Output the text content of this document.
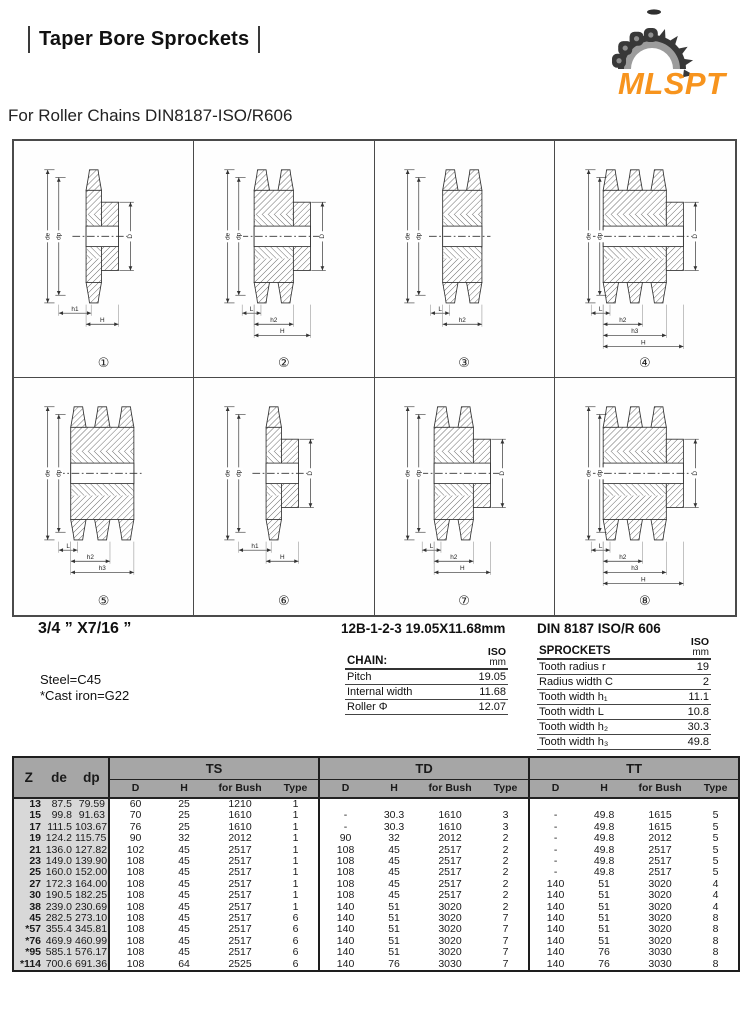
Taper Bore Sprockets
MLSPT
For Roller Chains DIN8187-ISO/R606
de dp	D
h1
H
①
de dp	D
L
h2
H
②
de dp
L
h2
③
de dp	D
L
h2
h3
H
④
de dp
L
h2
h3
⑤
de dp	D
h1
H
⑥
de dp	D
L
h2
H
⑦
de dp	D
L
h2
h3
H
⑧
3/4 ” X7/16 ”
Steel=C45
*Cast iron=G22
12B-1-2-3 19.05X11.68mm DIN 8187 ISO/R 606
CHAIN:
ISO
mm
Pitch	19.05
Internal width	11.68
Roller Φ	12.07
SPROCKETS
ISO
mm
Tooth radius r	19
Radius width C	2
Tooth width h₁	11.1
Tooth width L	10.8
Tooth width h₂	30.3
Tooth width h₃	49.8
Z de dp			TS				TD				TT			
			D	H	for Bush	Type	D	H	for Bush	Type	D	H	for Bush	Type
13	87.5	79.59	60	25	1210	1								
15	99.8	91.63	70	25	1610	1	-	30.3	1610	3	-	49.8	1615	5
17	111.5	103.67	76	25	1610	1	-	30.3	1610	3	-	49.8	1615	5
19	124.2	115.75	90	32	2012	1	90	32	2012	2	-	49.8	2012	5
21	136.0	127.82	102	45	2517	1	108	45	2517	2	-	49.8	2517	5
23	149.0	139.90	108	45	2517	1	108	45	2517	2	-	49.8	2517	5
25	160.0	152.00	108	45	2517	1	108	45	2517	2	-	49.8	2517	5
27	172.3	164.00	108	45	2517	1	108	45	2517	2	140	51	3020	4
30	190.5	182.25	108	45	2517	1	108	45	2517	2	140	51	3020	4
38	239.0	230.69	108	45	2517	1	140	51	3020	2	140	51	3020	4
45	282.5	273.10	108	45	2517	6	140	51	3020	7	140	51	3020	8
*57	355.4	345.81	108	45	2517	6	140	51	3020	7	140	51	3020	8
*76	469.9	460.99	108	45	2517	6	140	51	3020	7	140	51	3020	8
*95	585.1	576.17	108	45	2517	6	140	51	3020	7	140	76	3030	8
*114	700.6	691.36	108	64	2525	6	140	76	3030	7	140	76	3030	8
